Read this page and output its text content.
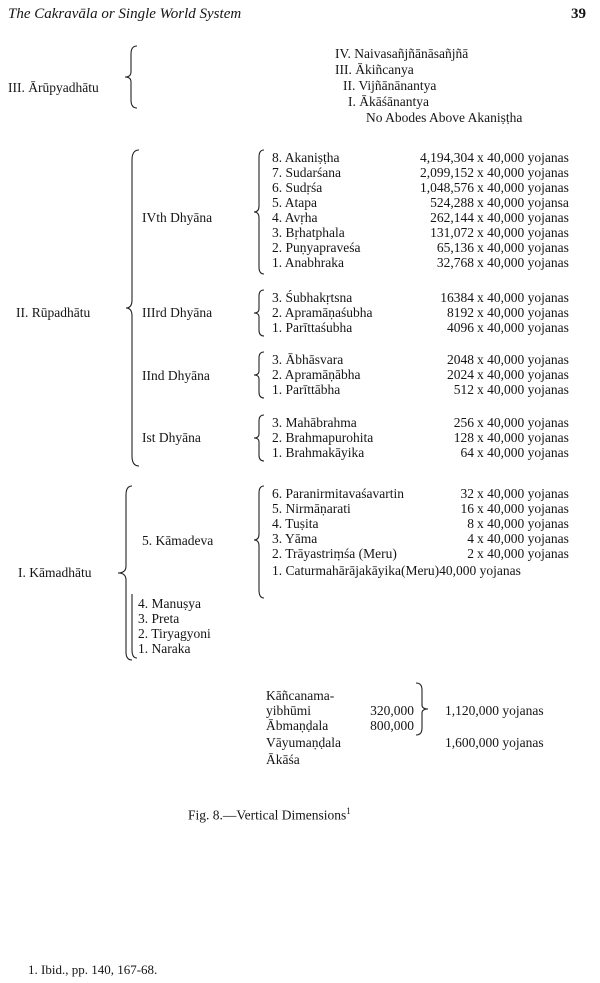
The Cakravāla or Single World System	39
III. Ārūpyadhātu
IV. Naivasañjñānāsañjñā
III. Ākiñcanya
II. Vijñānānantya
I. Ākāśānantya
No Abodes Above Akaniṣṭha
II. Rūpadhātu
IVth Dhyāna
8. Akaniṣṭha	4,194,304 x 40,000 yojanas
7. Sudarśana	2,099,152 x 40,000 yojanas
6. Sudṛśa	1,048,576 x 40,000 yojanas
5. Atapa	524,288 x 40,000 yojansa
4. Avṛha	262,144 x 40,000 yojanas
3. Bṛhatphala	131,072 x 40,000 yojanas
2. Puṇyapraveśa	65,136 x 40,000 yojanas
1. Anabhraka	32,768 x 40,000 yojanas
IIIrd Dhyāna
3. Śubhakṛtsna	16384 x 40,000 yojanas
2. Apramāṇaśubha	8192 x 40,000 yojanas
1. Parīttaśubha	4096 x 40,000 yojanas
IInd Dhyāna
3. Ābhāsvara	2048 x 40,000 yojanas
2. Apramāṇābha	2024 x 40,000 yojanas
1. Parīttābha	512 x 40,000 yojanas
Ist Dhyāna
3. Mahābrahma	256 x 40,000 yojanas
2. Brahmapurohita	128 x 40,000 yojanas
1. Brahmakāyika	64 x 40,000 yojanas
I. Kāmadhātu
5. Kāmadeva
6. Paranirmitavaśavartin	32 x 40,000 yojanas
5. Nirmāṇarati	16 x 40,000 yojanas
4. Tuṣita	8 x 40,000 yojanas
3. Yāma	4 x 40,000 yojanas
2. Trāyastriṃśa (Meru)	2 x 40,000 yojanas
1. Caturmahārājakāyika(Meru)40,000 yojanas
4. Manuṣya
3. Preta
2. Tiryagyoni
1. Naraka
Kāñcanama-
yibhūmi	320,000
Ābmaṇḍala	800,000
1,120,000 yojanas
Vāyumaṇḍala	1,600,000 yojanas
Ākāśa
Fig. 8.—Vertical Dimensions$^1$
1. Ibid., pp. 140, 167-68.
